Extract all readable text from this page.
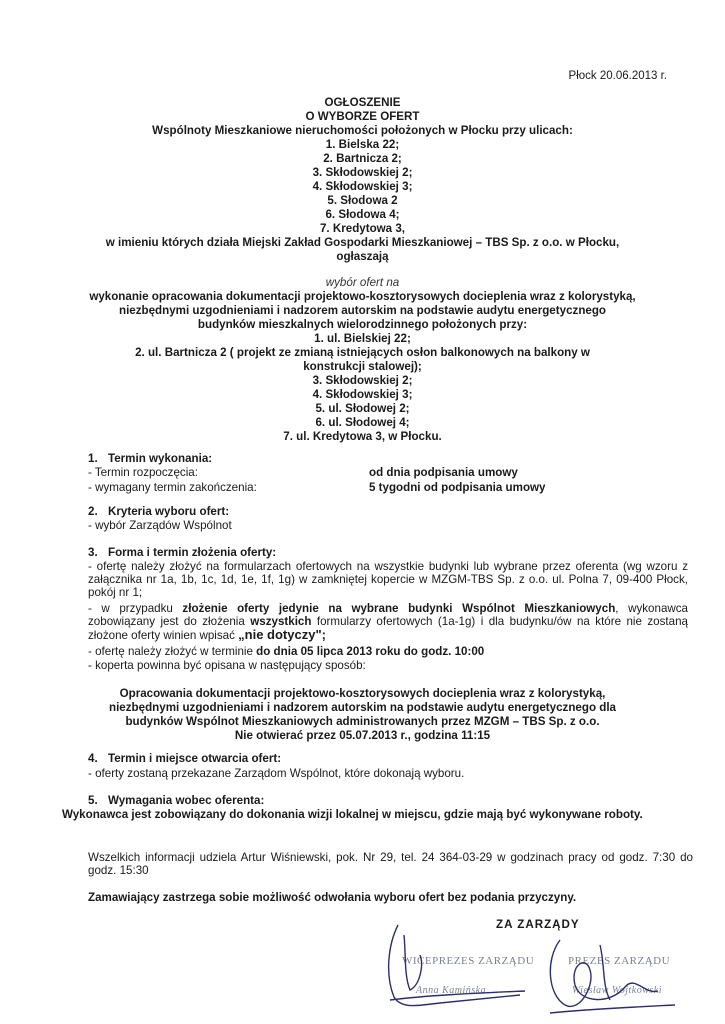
Płock 20.06.2013 r.
OGŁOSZENIE
O WYBORZE OFERT
Wspólnoty Mieszkaniowe nieruchomości położonych w Płocku przy ulicach:
1. Bielska 22;
2. Bartnicza 2;
3. Skłodowskiej 2;
4. Skłodowskiej 3;
5. Słodowa 2
6. Słodowa 4;
7. Kredytowa 3,
w imieniu których działa Miejski Zakład Gospodarki Mieszkaniowej – TBS Sp. z o.o. w Płocku,
ogłaszają
wybór ofert na
wykonanie opracowania dokumentacji projektowo-kosztorysowych docieplenia wraz z kolorystyką,
niezbędnymi uzgodnieniami i nadzorem autorskim na podstawie audytu energetycznego
budynków mieszkalnych wielorodzinnego położonych przy:
1. ul. Bielskiej 22;
2. ul. Bartnicza 2 ( projekt ze zmianą istniejących osłon balkonowych na balkony w
konstrukcji stalowej);
3. Skłodowskiej 2;
4. Skłodowskiej 3;
5. ul. Słodowej 2;
6. ul. Słodowej 4;
7. ul. Kredytowa 3, w Płocku.
1. Termin wykonania:
- Termin rozpoczęcia:	od dnia podpisania umowy
- wymagany termin zakończenia:	5 tygodni od podpisania umowy
2. Kryteria wyboru ofert:
- wybór Zarządów Wspólnot
3. Forma i termin złożenia oferty:
- ofertę należy złożyć na formularzach ofertowych na wszystkie budynki lub wybrane przez oferenta (wg wzoru z załącznika nr 1a, 1b, 1c, 1d, 1e, 1f, 1g) w zamkniętej kopercie w MZGM-TBS Sp. z o.o. ul. Polna 7, 09-400 Płock, pokój nr 1;
- w przypadku złożenie oferty jedynie na wybrane budynki Wspólnot Mieszkaniowych, wykonawca zobowiązany jest do złożenia wszystkich formularzy ofertowych (1a-1g) i dla budynku/ów na które nie zostaną złożone oferty winien wpisać „nie dotyczy";
- ofertę należy złożyć w terminie do dnia 05 lipca 2013 roku do godz. 10:00
- koperta powinna być opisana w następujący sposób:
Opracowania dokumentacji projektowo-kosztorysowych docieplenia wraz z kolorystyką,
niezbędnymi uzgodnieniami i nadzorem autorskim na podstawie audytu energetycznego dla
budynków Wspólnot Mieszkaniowych administrowanych przez MZGM – TBS Sp. z o.o.
Nie otwierać przez 05.07.2013 r., godzina 11:15
4. Termin i miejsce otwarcia ofert:
- oferty zostaną przekazane Zarządom Wspólnot, które dokonają wyboru.
5. Wymagania wobec oferenta:
Wykonawca jest zobowiązany do dokonania wizji lokalnej w miejscu, gdzie mają być wykonywane roboty.
Wszelkich informacji udziela Artur Wiśniewski, pok. Nr 29, tel. 24 364-03-29 w godzinach pracy od godz. 7:30 do godz. 15:30
Zamawiający zastrzega sobie możliwość odwołania wyboru ofert bez podania przyczyny.
ZA ZARZĄDY
WICEPREZES ZARZĄDU
Anna Kamińska
PREZES ZARZĄDU
Wiesław Wojtkowski
